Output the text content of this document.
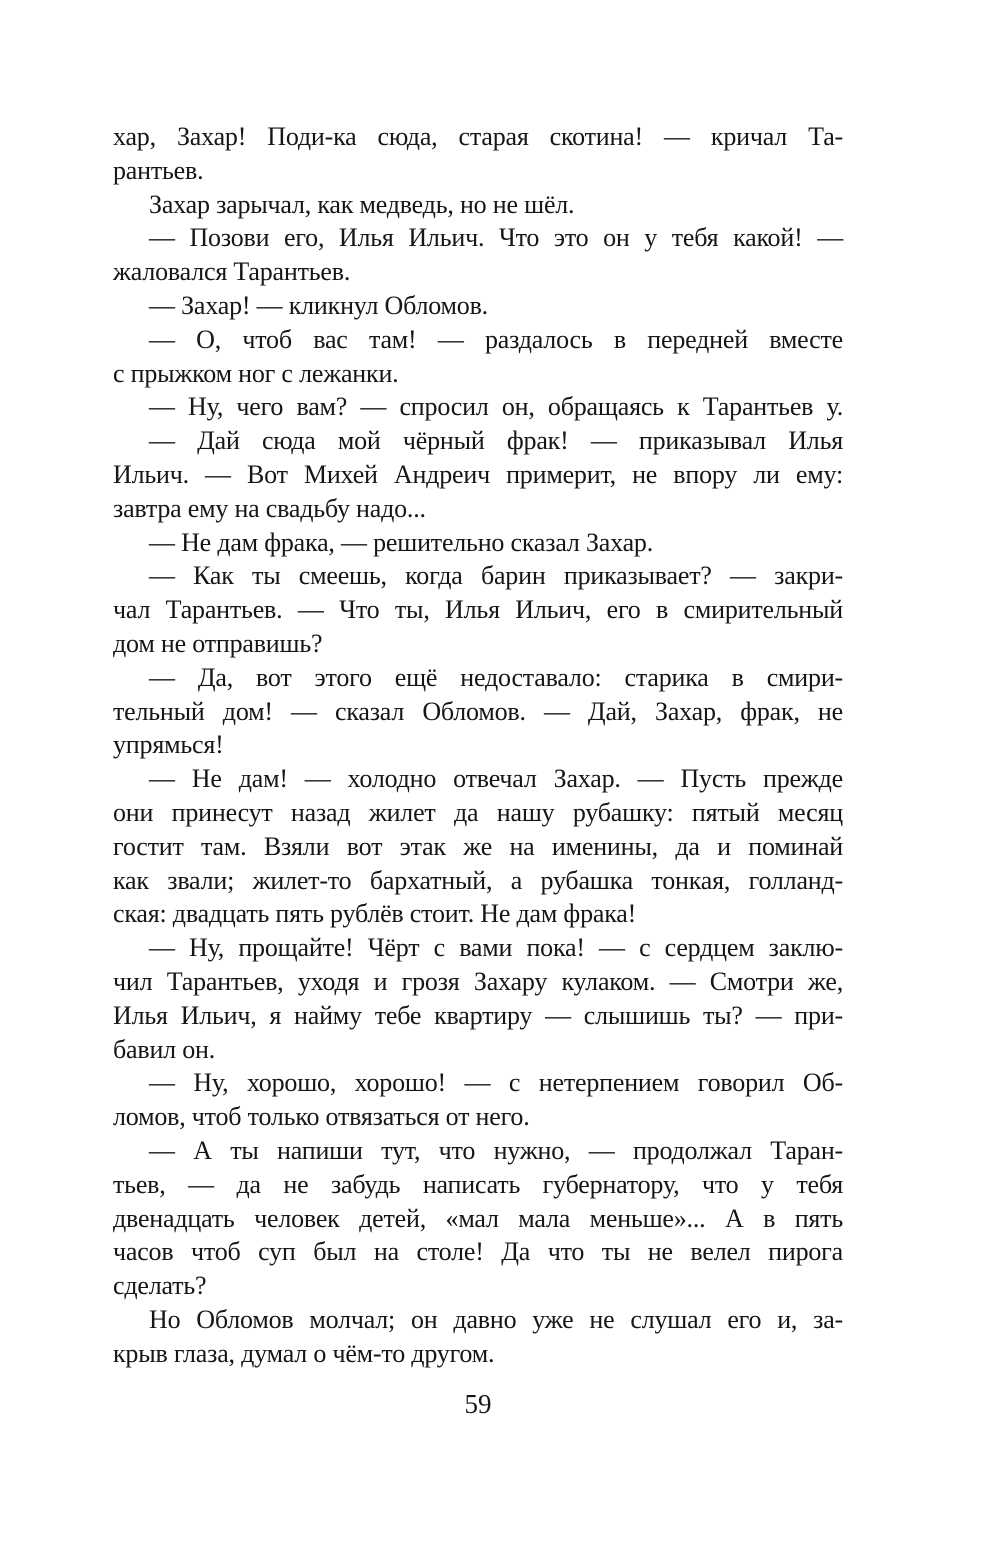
хар, Захар! Поди-ка сюда, старая скотина! — кричал Та-
рантьев.
Захар зарычал, как медведь, но не шёл.
— Позови его, Илья Ильич. Что это он у тебя какой! —
жаловался Тарантьев.
— Захар! — кликнул Обломов.
— О, чтоб вас там! — раздалось в передней вместе
с прыжком ног с лежанки.
— Ну, чего вам? — спросил он, обращаясь к Тарантьев у.
— Дай сюда мой чёрный фрак! — приказывал Илья
Ильич. — Вот Михей Андреич примерит, не впору ли ему:
завтра ему на свадьбу надо...
— Не дам фрака, — решительно сказал Захар.
— Как ты смеешь, когда барин приказывает? — закри-
чал Тарантьев. — Что ты, Илья Ильич, его в смирительный
дом не отправишь?
— Да, вот этого ещё недоставало: старика в смири-
тельный дом! — сказал Обломов. — Дай, Захар, фрак, не
упрямься!
— Не дам! — холодно отвечал Захар. — Пусть прежде
они принесут назад жилет да нашу рубашку: пятый месяц
гостит там. Взяли вот этак же на именины, да и поминай
как звали; жилет-то бархатный, а рубашка тонкая, голланд-
ская: двадцать пять рублёв стоит. Не дам фрака!
— Ну, прощайте! Чёрт с вами пока! — с сердцем заклю-
чил Тарантьев, уходя и грозя Захару кулаком. — Смотри же,
Илья Ильич, я найму тебе квартиру — слышишь ты? — при-
бавил он.
— Ну, хорошо, хорошо! — с нетерпением говорил Об-
ломов, чтоб только отвязаться от него.
— А ты напиши тут, что нужно, — продолжал Таран-
тьев, — да не забудь написать губернатору, что у тебя
двенадцать человек детей, «мал мала меньше»... А в пять
часов чтоб суп был на столе! Да что ты не велел пирога
сделать?
Но Обломов молчал; он давно уже не слушал его и, за-
крыв глаза, думал о чём-то другом.
59
